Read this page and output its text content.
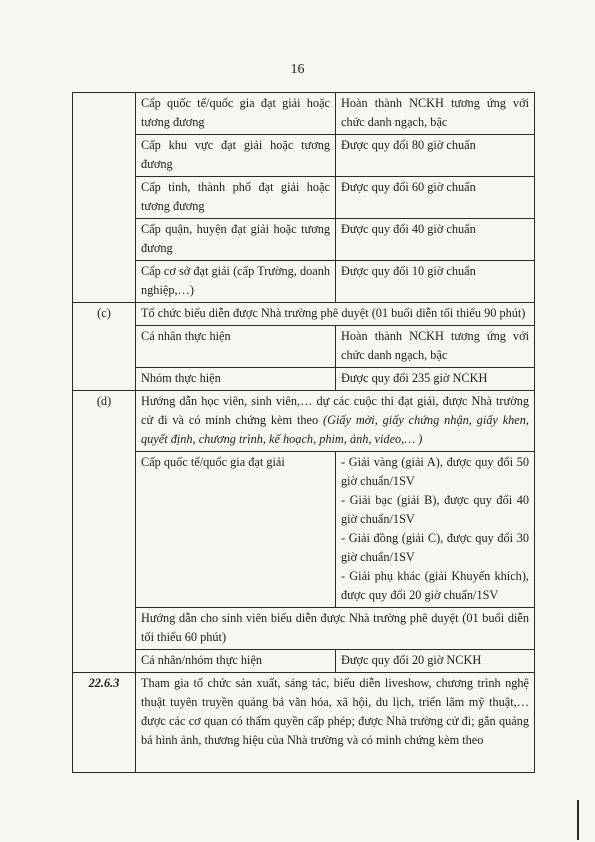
16
	Cấp quốc tế/quốc gia đạt giải hoặc tương đương	Hoàn thành NCKH tương ứng với chức danh ngạch, bậc
	Cấp khu vực đạt giải hoặc tương đương	Được quy đổi 80 giờ chuẩn
	Cấp tỉnh, thành phố đạt giải hoặc tương đương	Được quy đổi 60 giờ chuẩn
	Cấp quận, huyện đạt giải hoặc tương đương	Được quy đổi 40 giờ chuẩn
	Cấp cơ sở đạt giải (cấp Trường, doanh nghiệp,…)	Được quy đổi 10 giờ chuẩn
(c)	Tổ chức biểu diễn được Nhà trường phê duyệt (01 buổi diễn tối thiểu 90 phút)	
	Cá nhân thực hiện	Hoàn thành NCKH tương ứng với chức danh ngạch, bậc
	Nhóm thực hiện	Được quy đổi 235 giờ NCKH
(d)	Hướng dẫn học viên, sinh viên,… dự các cuộc thi đạt giải, được Nhà trường cử đi và có minh chứng kèm theo (Giấy mời, giấy chứng nhận, giấy khen, quyết định, chương trình, kế hoạch, phim, ảnh, video,… )	
	Cấp quốc tế/quốc gia đạt giải	- Giải vàng (giải A), được quy đổi 50 giờ chuẩn/1SV
- Giải bạc (giải B), được quy đổi 40 giờ chuẩn/1SV
- Giải đồng (giải C), được quy đổi 30 giờ chuẩn/1SV
- Giải phụ khác (giải Khuyến khích), được quy đổi 20 giờ chuẩn/1SV

	Hướng dẫn cho sinh viên biểu diễn được Nhà trường phê duyệt (01 buổi diễn tối thiểu 60 phút)	
	Cá nhân/nhóm thực hiện	Được quy đổi 20 giờ NCKH
22.6.3	Tham gia tổ chức sản xuất, sáng tác, biểu diễn liveshow, chương trình nghệ thuật tuyên truyền quảng bá văn hóa, xã hội, du lịch, triển lãm mỹ thuật,… được các cơ quan có thẩm quyền cấp phép; được Nhà trường cử đi; gắn quảng bá hình ảnh, thương hiệu của Nhà trường và có minh chứng kèm theo	
